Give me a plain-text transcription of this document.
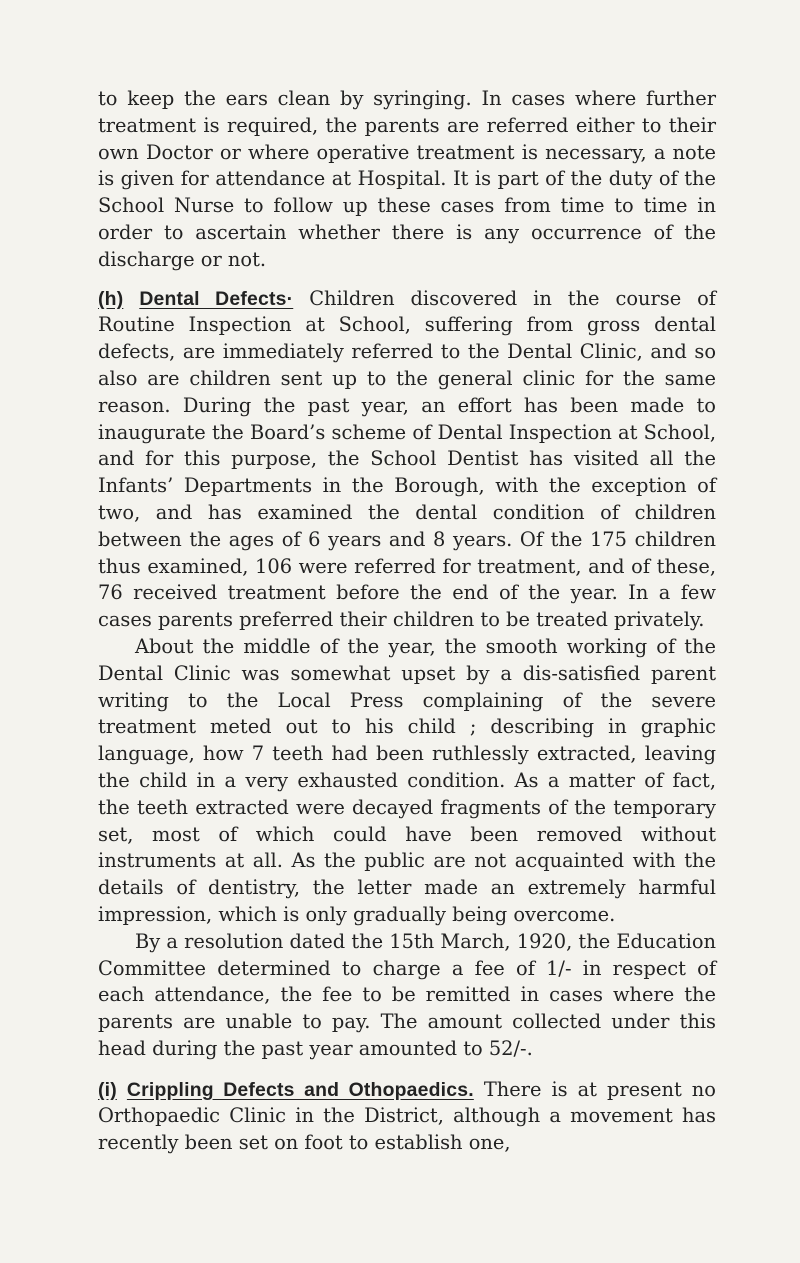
to keep the ears clean by syringing. In cases where further treatment is required, the parents are referred either to their own Doctor or where operative treatment is necessary, a note is given for attendance at Hospital. It is part of the duty of the School Nurse to follow up these cases from time to time in order to ascertain whether there is any occurrence of the discharge or not.

(h) Dental Defects· Children discovered in the course of Routine Inspection at School, suffering from gross dental defects, are immediately referred to the Dental Clinic, and so also are children sent up to the general clinic for the same reason. During the past year, an effort has been made to inaugurate the Board’s scheme of Dental Inspection at School, and for this purpose, the School Dentist has visited all the Infants’ Departments in the Borough, with the exception of two, and has examined the dental condition of children between the ages of 6 years and 8 years. Of the 175 children thus examined, 106 were referred for treatment, and of these, 76 received treatment before the end of the year. In a few cases parents preferred their children to be treated privately.

About the middle of the year, the smooth working of the Dental Clinic was somewhat upset by a dis-satisfied parent writing to the Local Press complaining of the severe treatment meted out to his child ; describing in graphic language, how 7 teeth had been ruthlessly extracted, leaving the child in a very exhausted condition. As a matter of fact, the teeth extracted were decayed fragments of the temporary set, most of which could have been removed without instruments at all. As the public are not acquainted with the details of dentistry, the letter made an extremely harmful impression, which is only gradually being overcome.

By a resolution dated the 15th March, 1920, the Education Committee determined to charge a fee of 1/- in respect of each attendance, the fee to be remitted in cases where the parents are unable to pay. The amount collected under this head during the past year amounted to 52/-.

(i) Crippling Defects and Othopaedics. There is at present no Orthopaedic Clinic in the District, although a movement has recently been set on foot to establish one,
